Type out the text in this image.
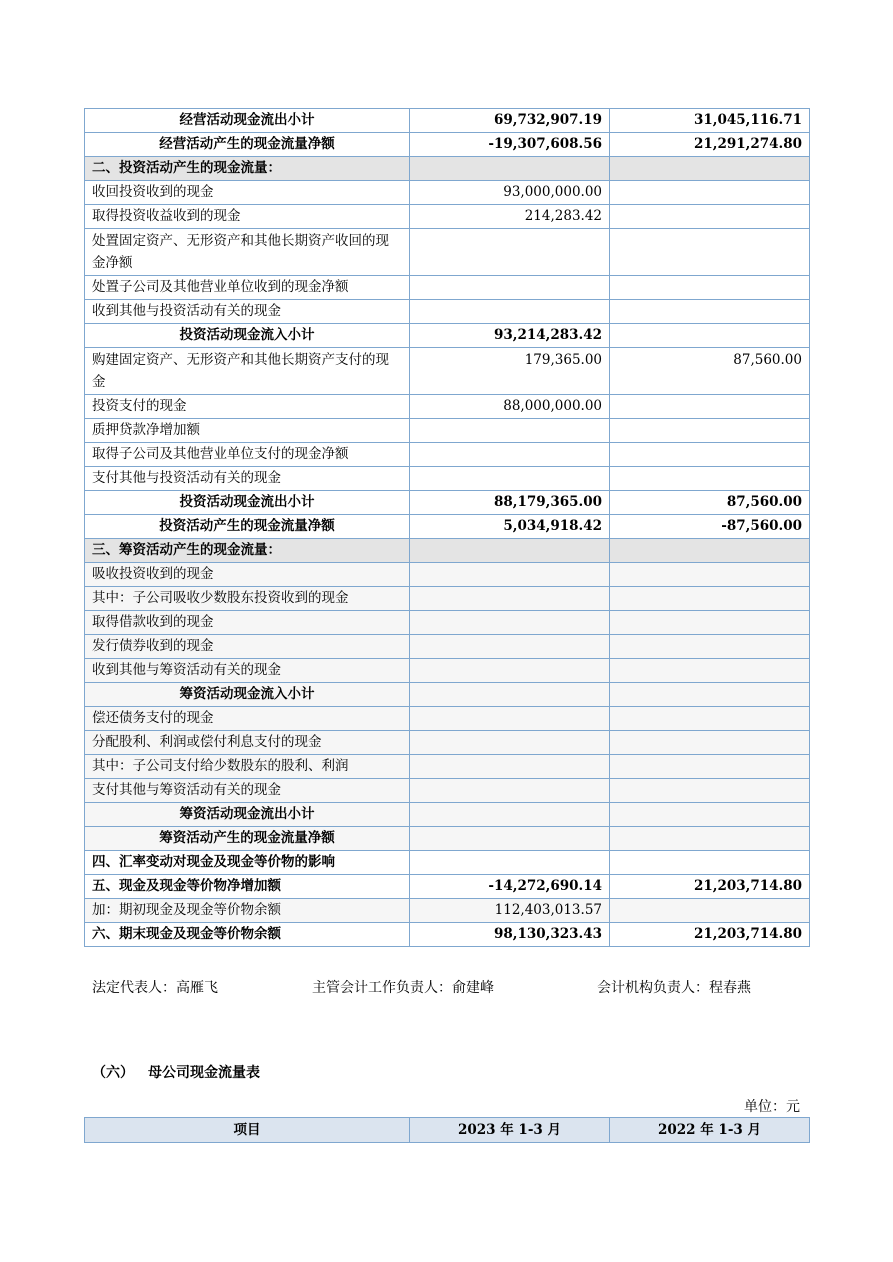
经营活动现金流出小计	69,732,907.19	31,045,116.71
经营活动产生的现金流量净额	-19,307,608.56	21,291,274.80
二、投资活动产生的现金流量：		
收回投资收到的现金	93,000,000.00	
取得投资收益收到的现金	214,283.42	
处置固定资产、无形资产和其他长期资产收回的现金净额		
处置子公司及其他营业单位收到的现金净额		
收到其他与投资活动有关的现金		
投资活动现金流入小计	93,214,283.42	
购建固定资产、无形资产和其他长期资产支付的现金	179,365.00	87,560.00
投资支付的现金	88,000,000.00	
质押贷款净增加额		
取得子公司及其他营业单位支付的现金净额		
支付其他与投资活动有关的现金		
投资活动现金流出小计	88,179,365.00	87,560.00
投资活动产生的现金流量净额	5,034,918.42	-87,560.00
三、筹资活动产生的现金流量：		
吸收投资收到的现金		
其中：子公司吸收少数股东投资收到的现金		
取得借款收到的现金		
发行债券收到的现金		
收到其他与筹资活动有关的现金		
筹资活动现金流入小计		
偿还债务支付的现金		
分配股利、利润或偿付利息支付的现金		
其中：子公司支付给少数股东的股利、利润		
支付其他与筹资活动有关的现金		
筹资活动现金流出小计		
筹资活动产生的现金流量净额		
四、汇率变动对现金及现金等价物的影响		
五、现金及现金等价物净增加额	-14,272,690.14	21,203,714.80
加：期初现金及现金等价物余额	112,403,013.57	
六、期末现金及现金等价物余额	98,130,323.43	21,203,714.80
法定代表人：高雁飞	主管会计工作负责人：俞建峰	会计机构负责人：程春燕
（六） 母公司现金流量表
单位：元
项目	2023 年 1-3 月	2022 年 1-3 月
